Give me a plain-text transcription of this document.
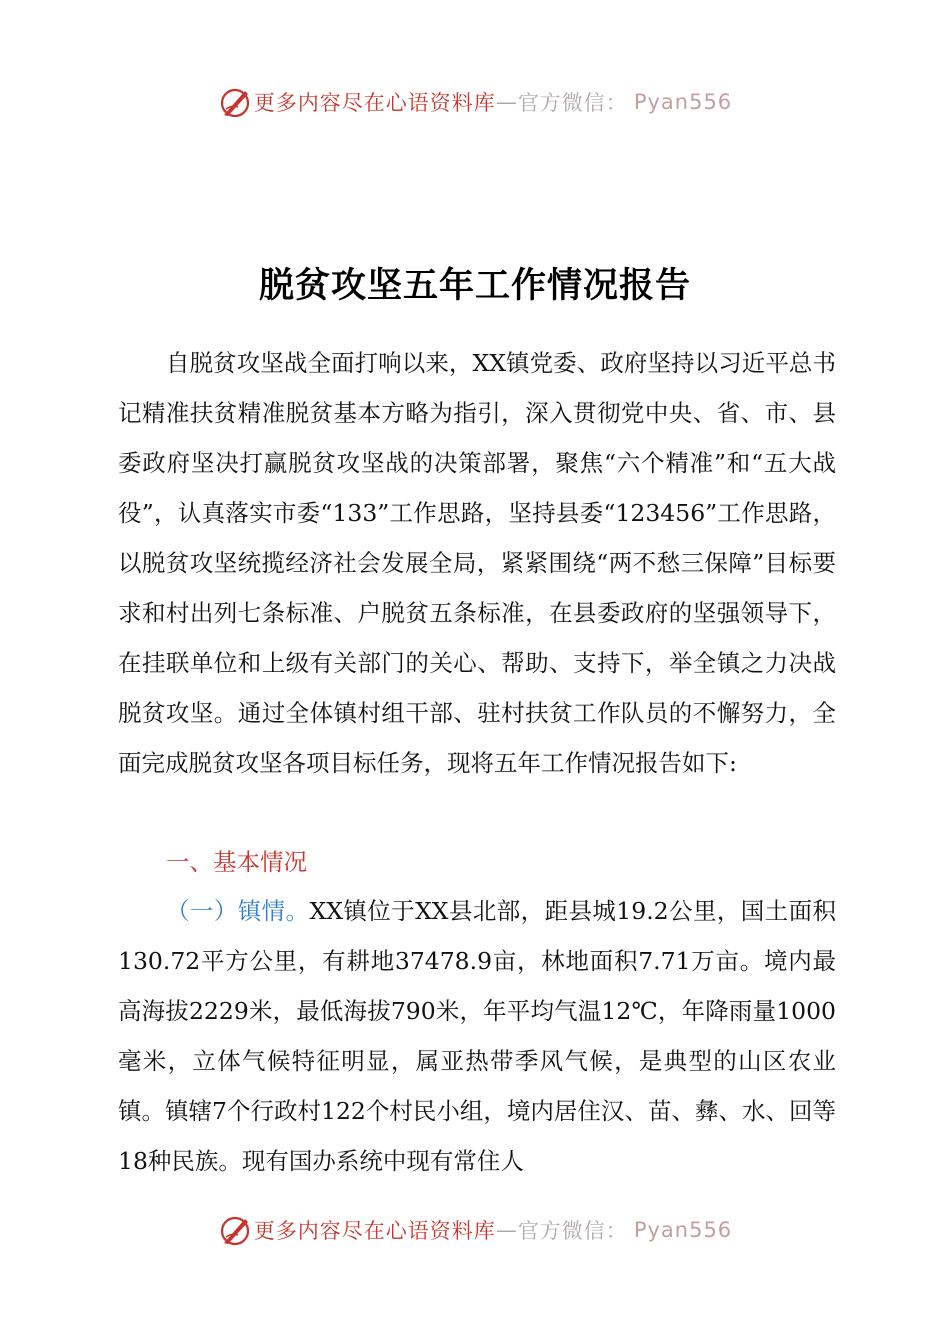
更多内容尽在心语资料库 — 官方微信： Pyan556
脱贫攻坚五年工作情况报告

自脱贫攻坚战全面打响以来，XX镇党委、政府坚持以习近平总书记精准扶贫精准脱贫基本方略为指引，深入贯彻党中央、省、市、县委政府坚决打赢脱贫攻坚战的决策部署，聚焦“六个精准”和“五大战役”，认真落实市委“133”工作思路，坚持县委“123456”工作思路，以脱贫攻坚统揽经济社会发展全局，紧紧围绕“两不愁三保障”目标要求和村出列七条标准、户脱贫五条标准，在县委政府的坚强领导下，在挂联单位和上级有关部门的关心、帮助、支持下，举全镇之力决战脱贫攻坚。通过全体镇村组干部、驻村扶贫工作队员的不懈努力，全面完成脱贫攻坚各项目标任务，现将五年工作情况报告如下:

一、基本情况

（一）镇情。XX镇位于XX县北部，距县城19.2公里，国土面积130.72平方公里，有耕地37478.9亩，林地面积7.71万亩。境内最高海拔2229米，最低海拔790米，年平均气温12℃，年降雨量1000毫米，立体气候特征明显，属亚热带季风气候，是典型的山区农业镇。镇辖7个行政村122个村民小组，境内居住汉、苗、彝、水、回等18种民族。现有国办系统中现有常住人

更多内容尽在心语资料库 — 官方微信： Pyan556
